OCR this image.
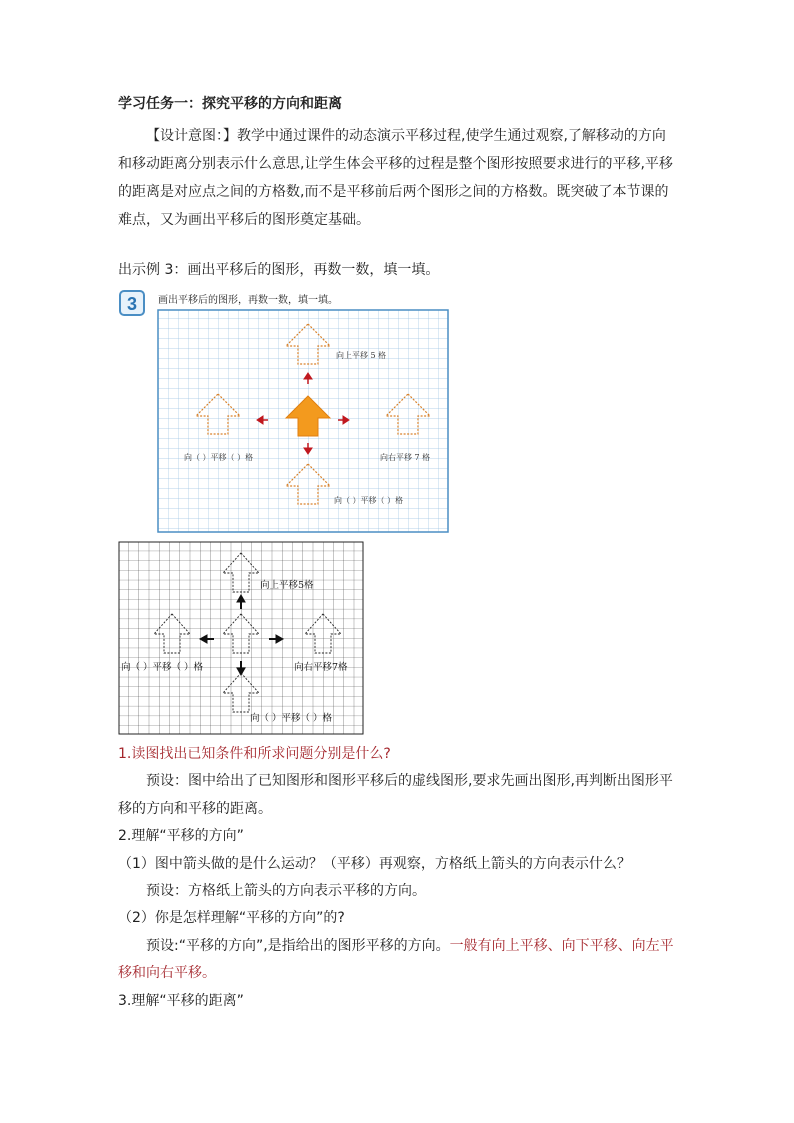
学习任务一：探究平移的方向和距离

【设计意图：】教学中通过课件的动态演示平移过程,使学生通过观察,了解移动的方向和移动距离分别表示什么意思,让学生体会平移的过程是整个图形按照要求进行的平移,平移的距离是对应点之间的方格数,而不是平移前后两个图形之间的方格数。既突破了本节课的难点，又为画出平移后的图形奠定基础。

出示例 3：画出平移后的图形，再数一数，填一填。

3 画出平移后的图形，再数一数，填一填。
向上平移 5 格
向（ ）平移（ ）格	向右平移 7 格
向（ ）平移（ ）格
向上平移5格
向（ ）平移（ ）格	向右平移7格
向（ ）平移（ ）格

1.读图找出已知条件和所求问题分别是什么?

预设：图中给出了已知图形和图形平移后的虚线图形,要求先画出图形,再判断出图形平移的方向和平移的距离。

2.理解“平移的方向”

（1）图中箭头做的是什么运动？（平移）再观察，方格纸上箭头的方向表示什么？

预设：方格纸上箭头的方向表示平移的方向。

（2）你是怎样理解“平移的方向”的?

预设:“平移的方向”,是指给出的图形平移的方向。一般有向上平移、向下平移、向左平移和向右平移。

3.理解“平移的距离”
